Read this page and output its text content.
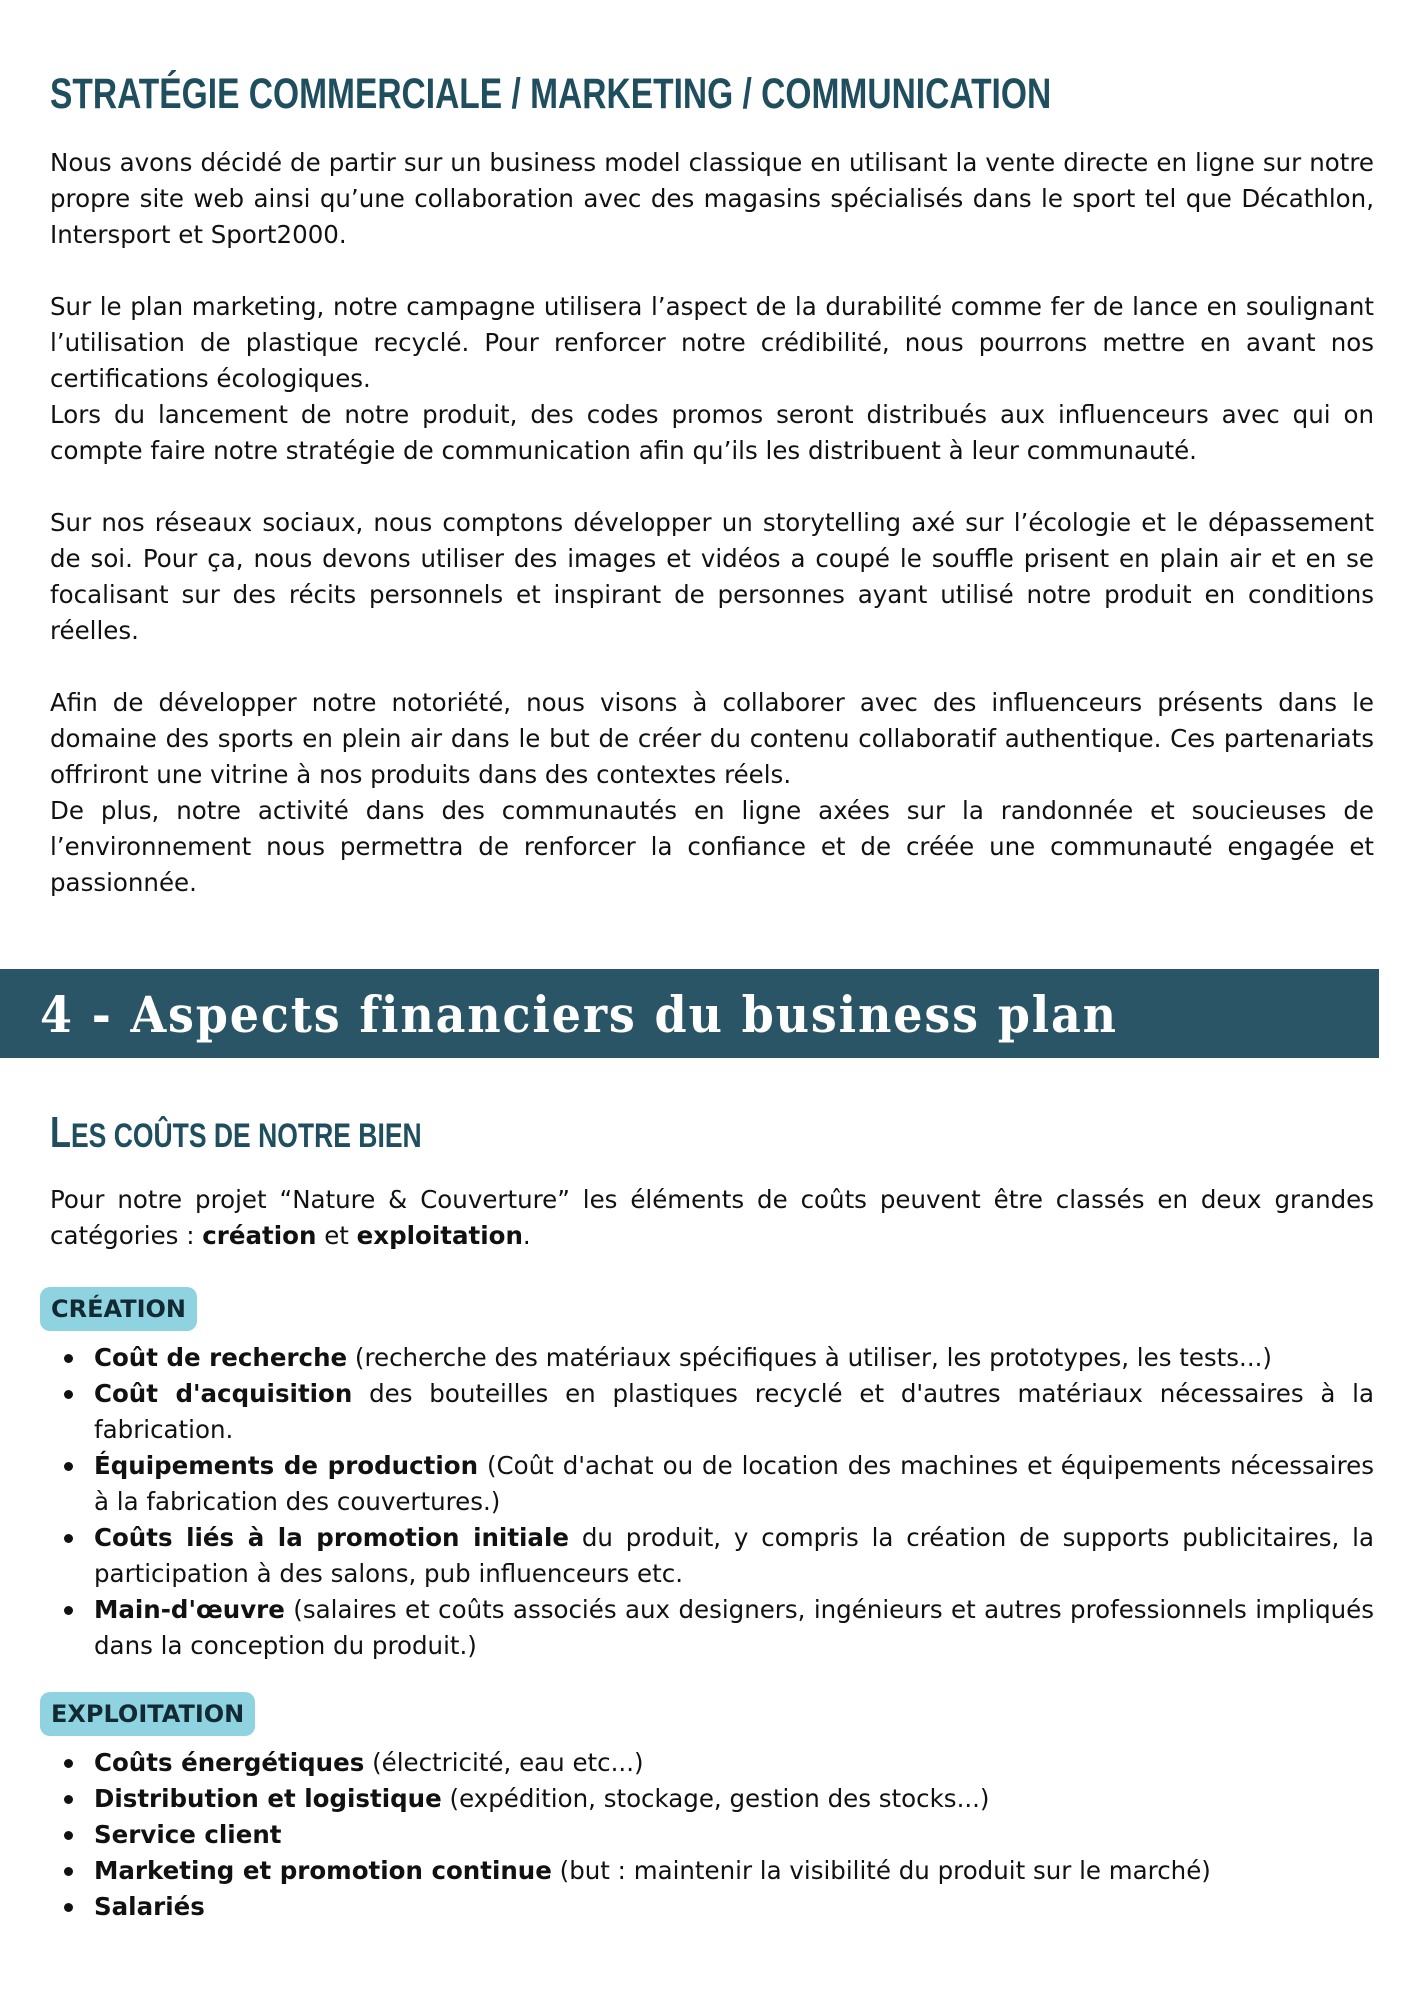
STRATÉGIE COMMERCIALE / MARKETING / COMMUNICATION

Nous avons décidé de partir sur un business model classique en utilisant la vente directe en ligne sur notre propre site web ainsi qu’une collaboration avec des magasins spécialisés dans le sport tel que Décathlon, Intersport et Sport2000.

Sur le plan marketing, notre campagne utilisera l’aspect de la durabilité comme fer de lance en soulignant l’utilisation de plastique recyclé. Pour renforcer notre crédibilité, nous pourrons mettre en avant nos certifications écologiques.

Lors du lancement de notre produit, des codes promos seront distribués aux influenceurs avec qui on compte faire notre stratégie de communication afin qu’ils les distribuent à leur communauté.

Sur nos réseaux sociaux, nous comptons développer un storytelling axé sur l’écologie et le dépassement de soi. Pour ça, nous devons utiliser des images et vidéos a coupé le souffle prisent en plain air et en se focalisant sur des récits personnels et inspirant de personnes ayant utilisé notre produit en conditions réelles.

Afin de développer notre notoriété, nous visons à collaborer avec des influenceurs présents dans le domaine des sports en plein air dans le but de créer du contenu collaboratif authentique. Ces partenariats offriront une vitrine à nos produits dans des contextes réels.

De plus, notre activité dans des communautés en ligne axées sur la randonnée et soucieuses de l’environnement nous permettra de renforcer la confiance et de créée une communauté engagée et passionnée.

4 - Aspects financiers du business plan
LES COÛTS DE NOTRE BIEN

Pour notre projet “Nature & Couverture” les éléments de coûts peuvent être classés en deux grandes catégories : création et exploitation.

CRÉATION
Coût de recherche (recherche des matériaux spécifiques à utiliser, les prototypes, les tests...)
Coût d'acquisition des bouteilles en plastiques recyclé et d'autres matériaux nécessaires à la fabrication.
Équipements de production (Coût d'achat ou de location des machines et équipements nécessaires à la fabrication des couvertures.)
Coûts liés à la promotion initiale du produit, y compris la création de supports publicitaires, la participation à des salons, pub influenceurs etc.
Main-d'œuvre (salaires et coûts associés aux designers, ingénieurs et autres professionnels impliqués dans la conception du produit.)
EXPLOITATION
Coûts énergétiques (électricité, eau etc...)
Distribution et logistique (expédition, stockage, gestion des stocks...)
Service client
Marketing et promotion continue (but : maintenir la visibilité du produit sur le marché)
Salariés
